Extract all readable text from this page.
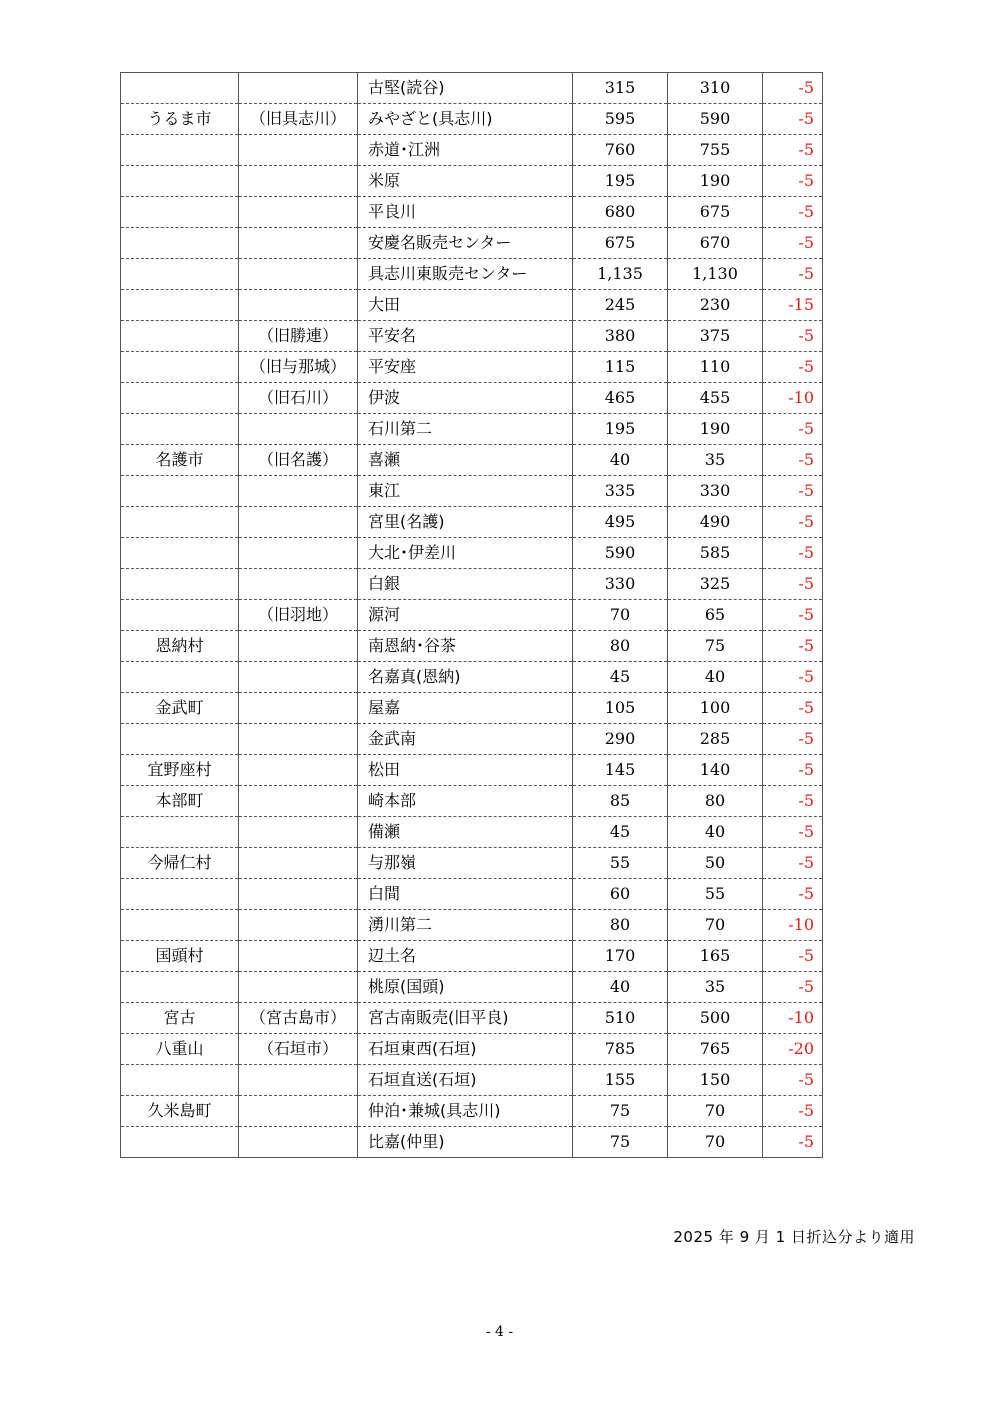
		古堅(読谷)	315	310	-5
うるま市	（旧具志川）	みやざと(具志川)	595	590	-5
		赤道･江洲	760	755	-5
		米原	195	190	-5
		平良川	680	675	-5
		安慶名販売センター	675	670	-5
		具志川東販売センター	1,135	1,130	-5
		大田	245	230	-15
	（旧勝連）	平安名	380	375	-5
	（旧与那城）	平安座	115	110	-5
	（旧石川）	伊波	465	455	-10
		石川第二	195	190	-5
名護市	（旧名護）	喜瀬	40	35	-5
		東江	335	330	-5
		宮里(名護)	495	490	-5
		大北･伊差川	590	585	-5
		白銀	330	325	-5
	（旧羽地）	源河	70	65	-5
恩納村		南恩納･谷茶	80	75	-5
		名嘉真(恩納)	45	40	-5
金武町		屋嘉	105	100	-5
		金武南	290	285	-5
宜野座村		松田	145	140	-5
本部町		崎本部	85	80	-5
		備瀬	45	40	-5
今帰仁村		与那嶺	55	50	-5
		白間	60	55	-5
		湧川第二	80	70	-10
国頭村		辺土名	170	165	-5
		桃原(国頭)	40	35	-5
宮古	（宮古島市）	宮古南販売(旧平良)	510	500	-10
八重山	（石垣市）	石垣東西(石垣)	785	765	-20
		石垣直送(石垣)	155	150	-5
久米島町		仲泊･兼城(具志川)	75	70	-5
		比嘉(仲里)	75	70	-5
2025 年 9 月 1 日折込分より適用
- 4 -
